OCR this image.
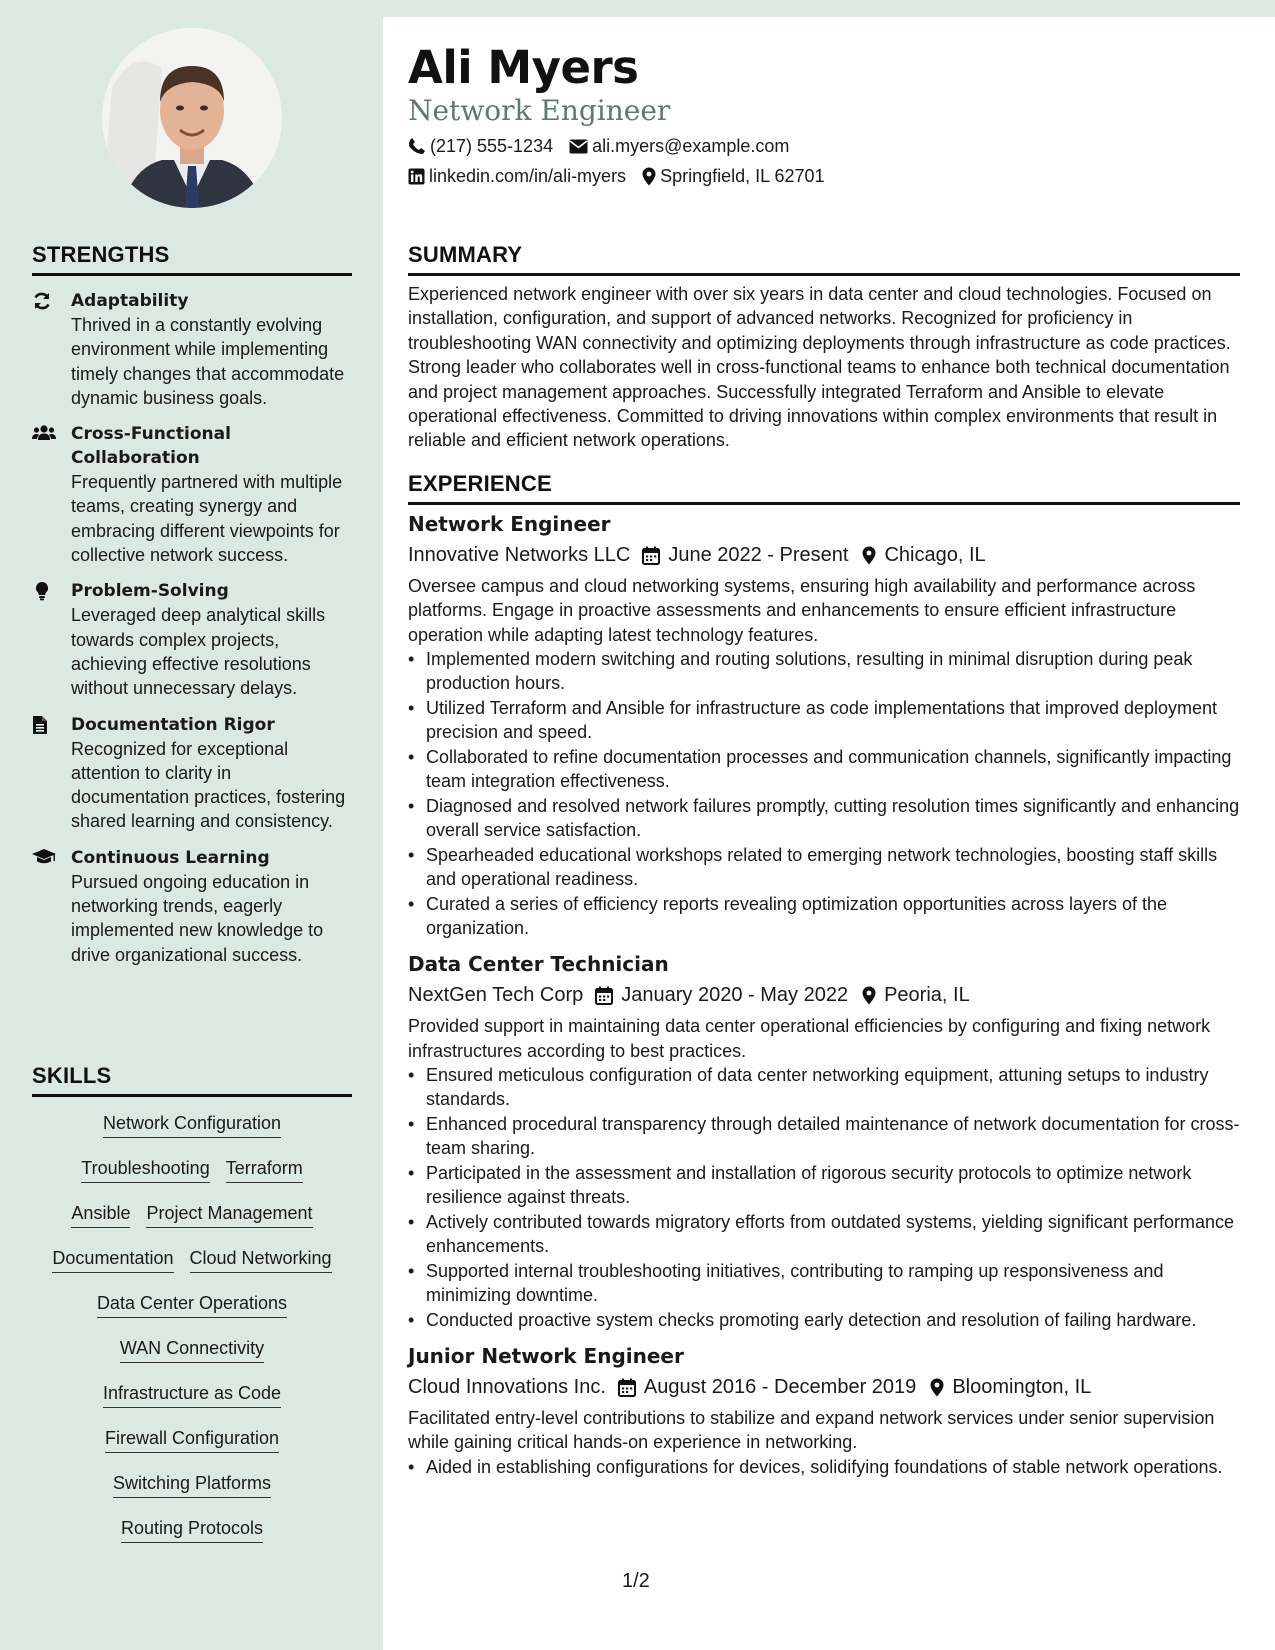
STRENGTHS
Adaptability
Thrived in a constantly evolving environment while implementing timely changes that accommodate dynamic business goals.
Cross-Functional Collaboration
Frequently partnered with multiple teams, creating synergy and embracing different viewpoints for collective network success.
Problem-Solving
Leveraged deep analytical skills towards complex projects, achieving effective resolutions without unnecessary delays.
Documentation Rigor
Recognized for exceptional attention to clarity in documentation practices, fostering shared learning and consistency.
Continuous Learning
Pursued ongoing education in networking trends, eagerly implemented new knowledge to drive organizational success.
SKILLS
Network Configuration
Troubleshooting Terraform
Ansible Project Management
Documentation Cloud Networking
Data Center Operations
WAN Connectivity
Infrastructure as Code
Firewall Configuration
Switching Platforms
Routing Protocols
Ali Myers
Network Engineer
(217) 555-1234 ali.myers@example.com
linkedin.com/in/ali-myers Springfield, IL 62701
SUMMARY
Experienced network engineer with over six years in data center and cloud technologies. Focused on installation, configuration, and support of advanced networks. Recognized for proficiency in troubleshooting WAN connectivity and optimizing deployments through infrastructure as code practices. Strong leader who collaborates well in cross-functional teams to enhance both technical documentation and project management approaches. Successfully integrated Terraform and Ansible to elevate operational effectiveness. Committed to driving innovations within complex environments that result in reliable and efficient network operations.
EXPERIENCE
Network Engineer
Innovative Networks LLC June 2022 - Present Chicago, IL
Oversee campus and cloud networking systems, ensuring high availability and performance across platforms. Engage in proactive assessments and enhancements to ensure efficient infrastructure operation while adapting latest technology features.
• Implemented modern switching and routing solutions, resulting in minimal disruption during peak production hours.
• Utilized Terraform and Ansible for infrastructure as code implementations that improved deployment precision and speed.
• Collaborated to refine documentation processes and communication channels, significantly impacting team integration effectiveness.
• Diagnosed and resolved network failures promptly, cutting resolution times significantly and enhancing overall service satisfaction.
• Spearheaded educational workshops related to emerging network technologies, boosting staff skills and operational readiness.
• Curated a series of efficiency reports revealing optimization opportunities across layers of the organization.
Data Center Technician
NextGen Tech Corp January 2020 - May 2022 Peoria, IL
Provided support in maintaining data center operational efficiencies by configuring and fixing network infrastructures according to best practices.
• Ensured meticulous configuration of data center networking equipment, attuning setups to industry standards.
• Enhanced procedural transparency through detailed maintenance of network documentation for cross-team sharing.
• Participated in the assessment and installation of rigorous security protocols to optimize network resilience against threats.
• Actively contributed towards migratory efforts from outdated systems, yielding significant performance enhancements.
• Supported internal troubleshooting initiatives, contributing to ramping up responsiveness and minimizing downtime.
• Conducted proactive system checks promoting early detection and resolution of failing hardware.
Junior Network Engineer
Cloud Innovations Inc. August 2016 - December 2019 Bloomington, IL
Facilitated entry-level contributions to stabilize and expand network services under senior supervision while gaining critical hands-on experience in networking.
• Aided in establishing configurations for devices, solidifying foundations of stable network operations.
1/2
